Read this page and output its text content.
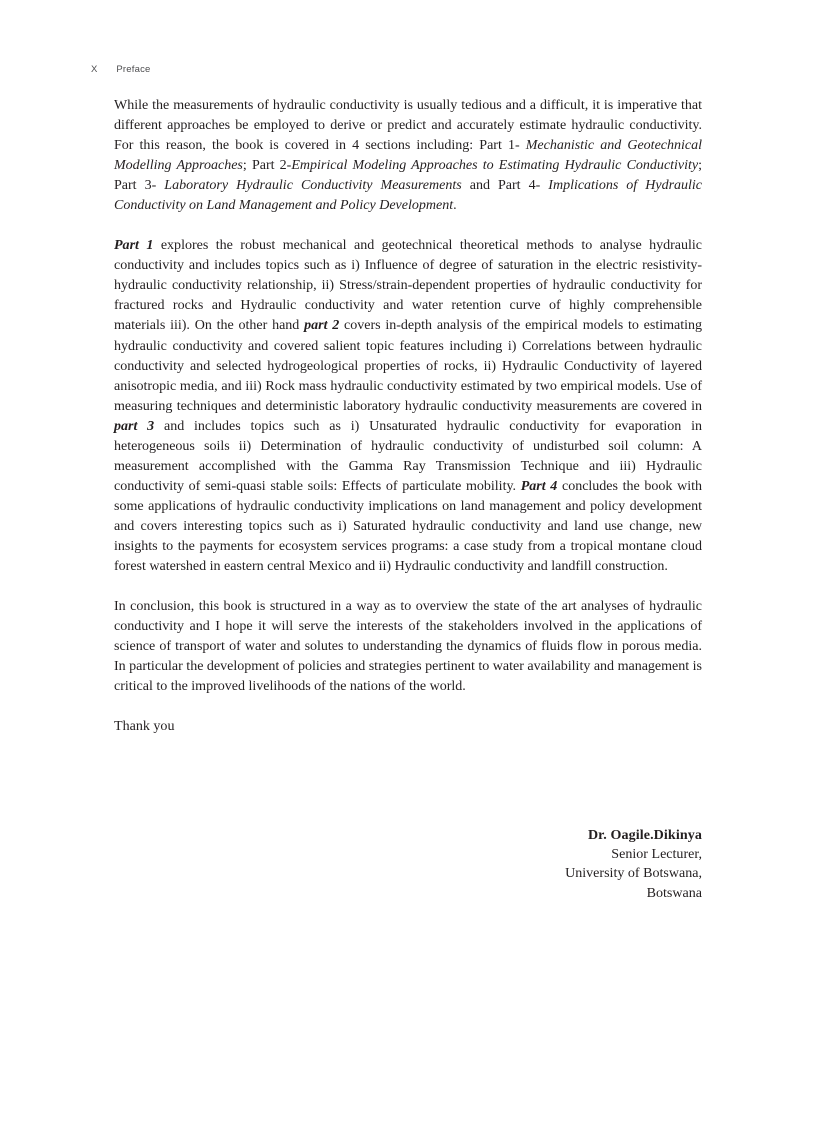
X Preface

While the measurements of hydraulic conductivity is usually tedious and a difficult, it is imperative that different approaches be employed to derive or predict and accurately estimate hydraulic conductivity. For this reason, the book is covered in 4 sections including: Part 1- Mechanistic and Geotechnical Modelling Approaches; Part 2-Empirical Modeling Approaches to Estimating Hydraulic Conductivity; Part 3- Laboratory Hydraulic Conductivity Measurements and Part 4- Implications of Hydraulic Conductivity on Land Management and Policy Development.

Part 1 explores the robust mechanical and geotechnical theoretical methods to analyse hydraulic conductivity and includes topics such as i) Influence of degree of saturation in the electric resistivity-hydraulic conductivity relationship, ii) Stress/strain-dependent properties of hydraulic conductivity for fractured rocks and Hydraulic conductivity and water retention curve of highly comprehensible materials iii). On the other hand part 2 covers in-depth analysis of the empirical models to estimating hydraulic conductivity and covered salient topic features including i) Correlations between hydraulic conductivity and selected hydrogeological properties of rocks, ii) Hydraulic Conductivity of layered anisotropic media, and iii) Rock mass hydraulic conductivity estimated by two empirical models. Use of measuring techniques and deterministic laboratory hydraulic conductivity measurements are covered in part 3 and includes topics such as i) Unsaturated hydraulic conductivity for evaporation in heterogeneous soils ii) Determination of hydraulic conductivity of undisturbed soil column: A measurement accomplished with the Gamma Ray Transmission Technique and iii) Hydraulic conductivity of semi-quasi stable soils: Effects of particulate mobility. Part 4 concludes the book with some applications of hydraulic conductivity implications on land management and policy development and covers interesting topics such as i) Saturated hydraulic conductivity and land use change, new insights to the payments for ecosystem services programs: a case study from a tropical montane cloud forest watershed in eastern central Mexico and ii) Hydraulic conductivity and landfill construction.

In conclusion, this book is structured in a way as to overview the state of the art analyses of hydraulic conductivity and I hope it will serve the interests of the stakeholders involved in the applications of science of transport of water and solutes to understanding the dynamics of fluids flow in porous media. In particular the development of policies and strategies pertinent to water availability and management is critical to the improved livelihoods of the nations of the world.

Thank you

Dr. Oagile.Dikinya
Senior Lecturer,
University of Botswana,
Botswana
